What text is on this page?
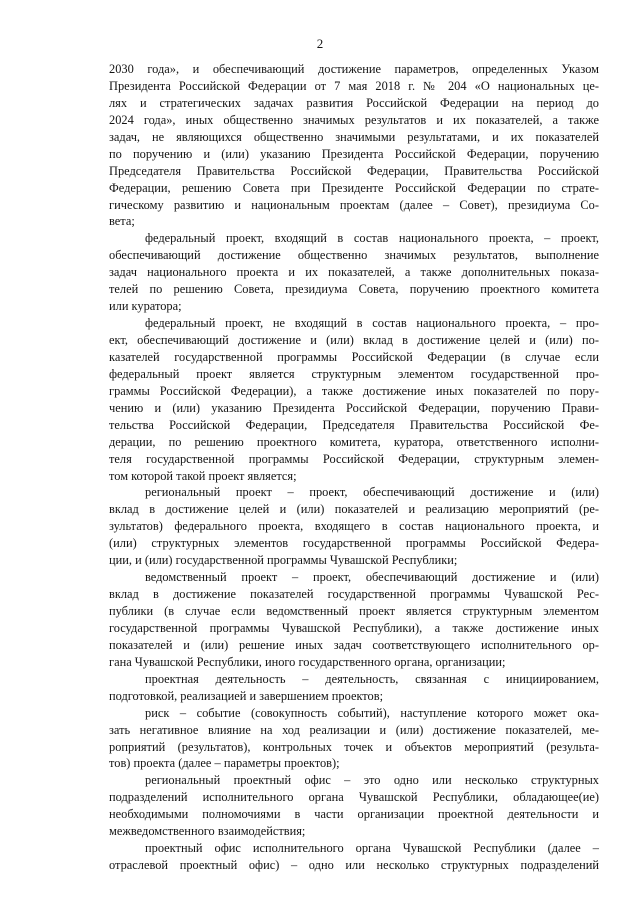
2
2030 года», и обеспечивающий достижение параметров, определенных Указом
Президента Российской Федерации от 7 мая 2018 г. № 204 «О национальных це-
лях и стратегических задачах развития Российской Федерации на период до
2024 года», иных общественно значимых результатов и их показателей, а также
задач, не являющихся общественно значимыми результатами, и их показателей
по поручению и (или) указанию Президента Российской Федерации, поручению
Председателя Правительства Российской Федерации, Правительства Российской
Федерации, решению Совета при Президенте Российской Федерации по страте-
гическому развитию и национальным проектам (далее – Совет), президиума Со-
вета;
федеральный проект, входящий в состав национального проекта, – проект,
обеспечивающий достижение общественно значимых результатов, выполнение
задач национального проекта и их показателей, а также дополнительных показа-
телей по решению Совета, президиума Совета, поручению проектного комитета
или куратора;
федеральный проект, не входящий в состав национального проекта, – про-
ект, обеспечивающий достижение и (или) вклад в достижение целей и (или) по-
казателей государственной программы Российской Федерации (в случае если
федеральный проект является структурным элементом государственной про-
граммы Российской Федерации), а также достижение иных показателей по пору-
чению и (или) указанию Президента Российской Федерации, поручению Прави-
тельства Российской Федерации, Председателя Правительства Российской Фе-
дерации, по решению проектного комитета, куратора, ответственного исполни-
теля государственной программы Российской Федерации, структурным элемен-
том которой такой проект является;
региональный проект – проект, обеспечивающий достижение и (или)
вклад в достижение целей и (или) показателей и реализацию мероприятий (ре-
зультатов) федерального проекта, входящего в состав национального проекта, и
(или) структурных элементов государственной программы Российской Федера-
ции, и (или) государственной программы Чувашской Республики;
ведомственный проект – проект, обеспечивающий достижение и (или)
вклад в достижение показателей государственной программы Чувашской Рес-
публики (в случае если ведомственный проект является структурным элементом
государственной программы Чувашской Республики), а также достижение иных
показателей и (или) решение иных задач соответствующего исполнительного ор-
гана Чувашской Республики, иного государственного органа, организации;
проектная деятельность – деятельность, связанная с инициированием,
подготовкой, реализацией и завершением проектов;
риск – событие (совокупность событий), наступление которого может ока-
зать негативное влияние на ход реализации и (или) достижение показателей, ме-
роприятий (результатов), контрольных точек и объектов мероприятий (результа-
тов) проекта (далее – параметры проектов);
региональный проектный офис – это одно или несколько структурных
подразделений исполнительного органа Чувашской Республики, обладающее(ие)
необходимыми полномочиями в части организации проектной деятельности и
межведомственного взаимодействия;
проектный офис исполнительного органа Чувашской Республики (далее –
отраслевой проектный офис) – одно или несколько структурных подразделений
